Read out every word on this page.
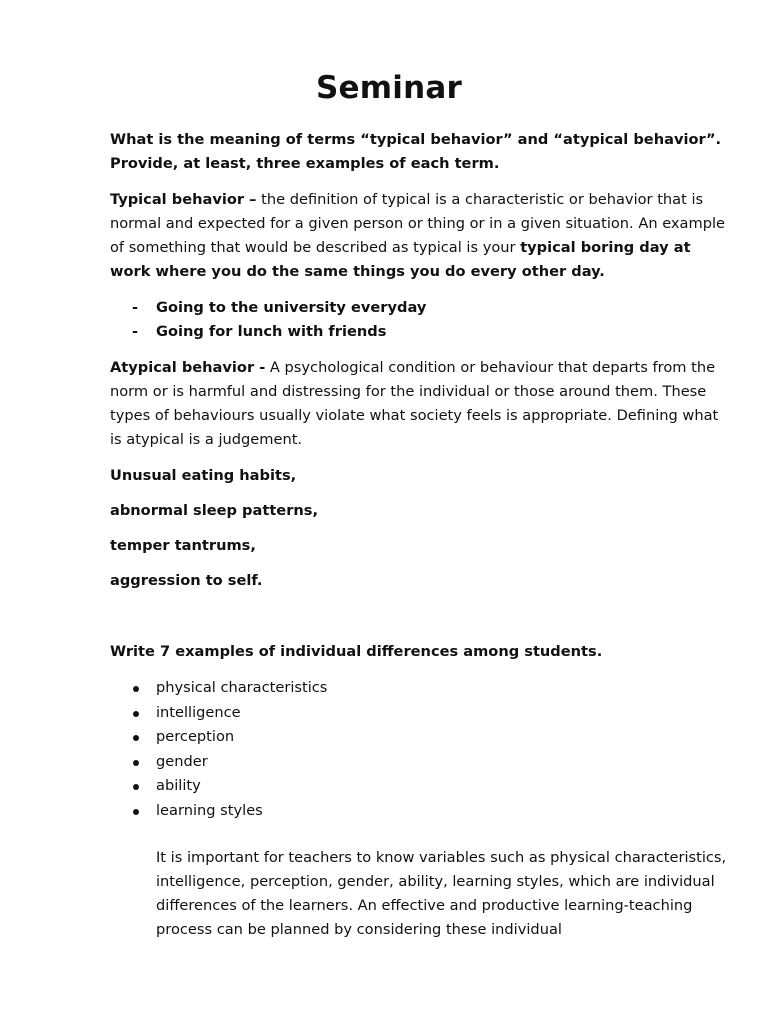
Seminar

What is the meaning of terms “typical behavior” and “atypical behavior”. Provide, at least, three examples of each term.

Typical behavior – the definition of typical is a characteristic or behavior that is normal and expected for a given person or thing or in a given situation. An example of something that would be described as typical is your typical boring day at work where you do the same things you do every other day.

- Going to the university everyday
- Going for lunch with friends

Atypical behavior - A psychological condition or behaviour that departs from the norm or is harmful and distressing for the individual or those around them. These types of behaviours usually violate what society feels is appropriate. Defining what is atypical is a judgement.

Unusual eating habits,

abnormal sleep patterns,

temper tantrums,

aggression to self.

Write 7 examples of individual differences among students.

physical characteristics
intelligence
perception
gender
ability
learning styles

It is important for teachers to know variables such as physical characteristics, intelligence, perception, gender, ability, learning styles, which are individual differences of the learners. An effective and productive learning-teaching process can be planned by considering these individual
